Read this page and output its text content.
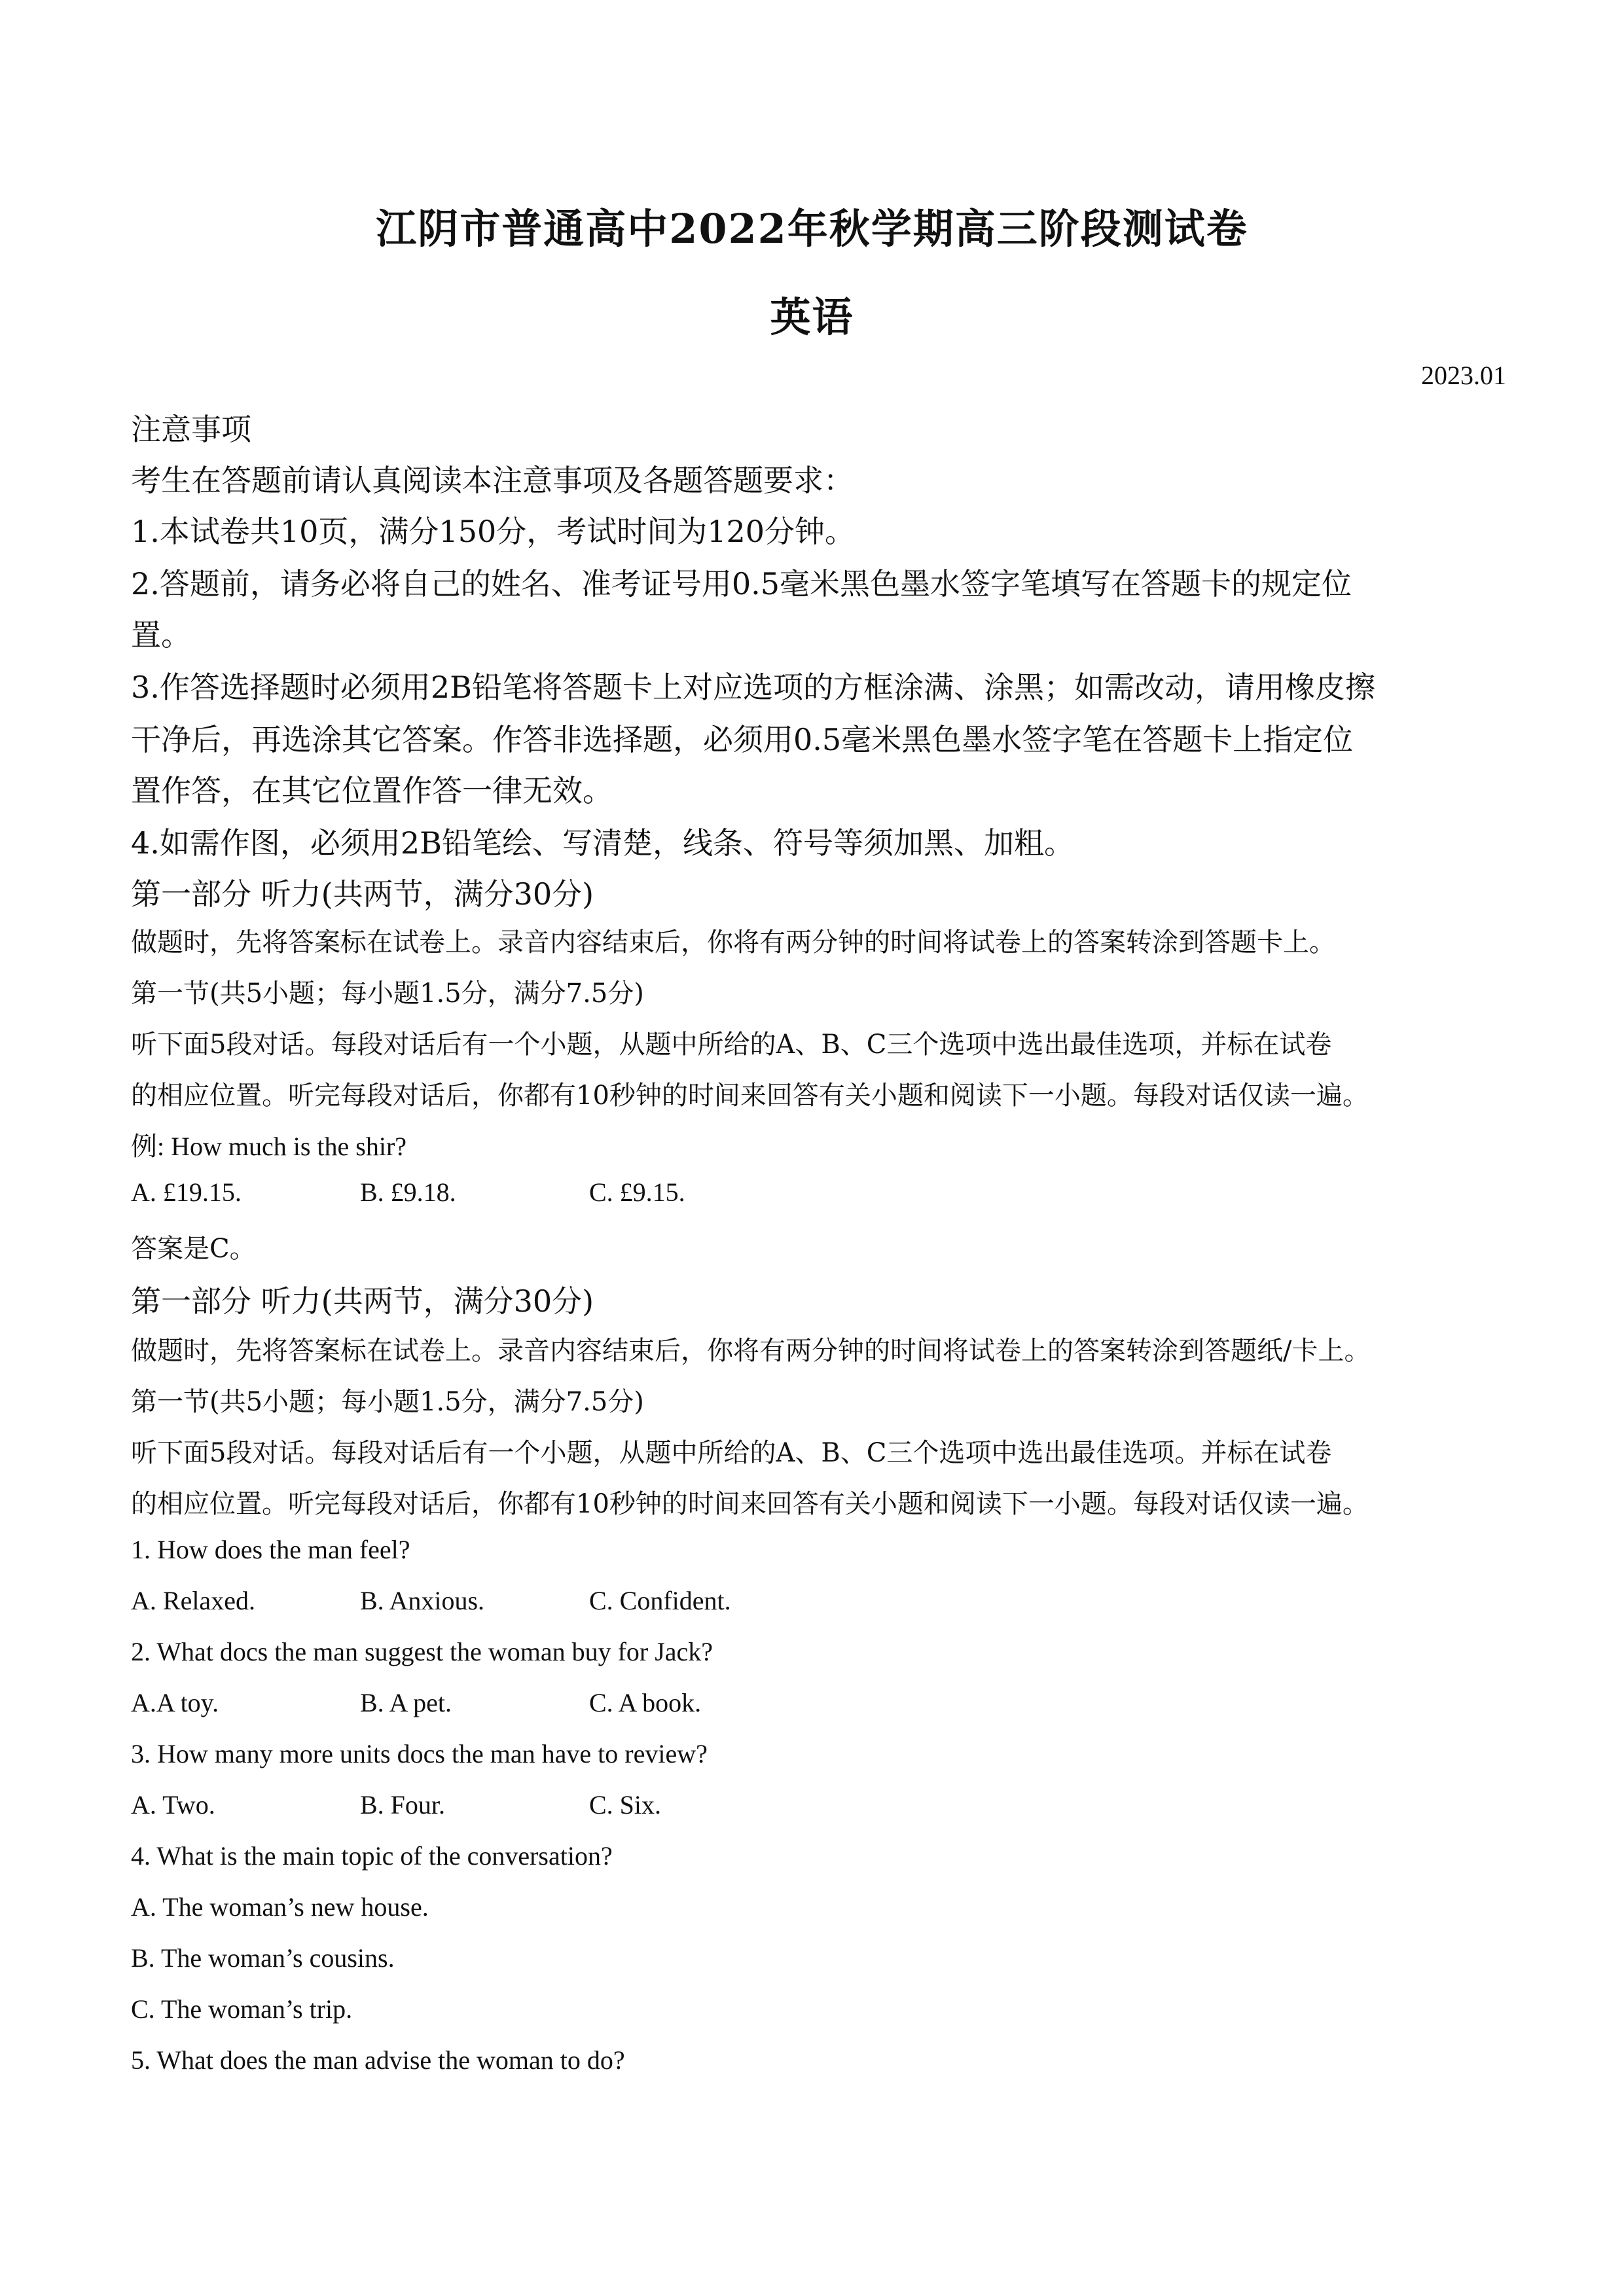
江阴市普通高中2022年秋学期高三阶段测试卷
英语
2023.01
注意事项
考生在答题前请认真阅读本注意事项及各题答题要求：
1.本试卷共10页，满分150分，考试时间为120分钟。
2.答题前，请务必将自己的姓名、准考证号用0.5毫米黑色墨水签字笔填写在答题卡的规定位
置。
3.作答选择题时必须用2B铅笔将答题卡上对应选项的方框涂满、涂黑；如需改动，请用橡皮擦
干净后，再选涂其它答案。作答非选择题，必须用0.5毫米黑色墨水签字笔在答题卡上指定位
置作答，在其它位置作答一律无效。
4.如需作图，必须用2B铅笔绘、写清楚，线条、符号等须加黑、加粗。
第一部分 听力(共两节，满分30分)
做题时，先将答案标在试卷上。录音内容结束后，你将有两分钟的时间将试卷上的答案转涂到答题卡上。
第一节(共5小题；每小题1.5分，满分7.5分)
听下面5段对话。每段对话后有一个小题，从题中所给的A、B、C三个选项中选出最佳选项，并标在试卷
的相应位置。听完每段对话后，你都有10秒钟的时间来回答有关小题和阅读下一小题。每段对话仅读一遍。
例: How much is the shir?
A. £19.15.	B. £9.18.	C. £9.15.
答案是C。
第一部分 听力(共两节，满分30分)
做题时，先将答案标在试卷上。录音内容结束后，你将有两分钟的时间将试卷上的答案转涂到答题纸/卡上。
第一节(共5小题；每小题1.5分，满分7.5分)
听下面5段对话。每段对话后有一个小题，从题中所给的A、B、C三个选项中选出最佳选项。并标在试卷
的相应位置。听完每段对话后，你都有10秒钟的时间来回答有关小题和阅读下一小题。每段对话仅读一遍。
1. How does the man feel?
A. Relaxed.	B. Anxious.	C. Confident.
2. What docs the man suggest the woman buy for Jack?
A.A toy.	B. A pet.	C. A book.
3. How many more units docs the man have to review?
A. Two.	B. Four.	C. Six.
4. What is the main topic of the conversation?
A. The woman’s new house.
B. The woman’s cousins.
C. The woman’s trip.
5. What does the man advise the woman to do?
